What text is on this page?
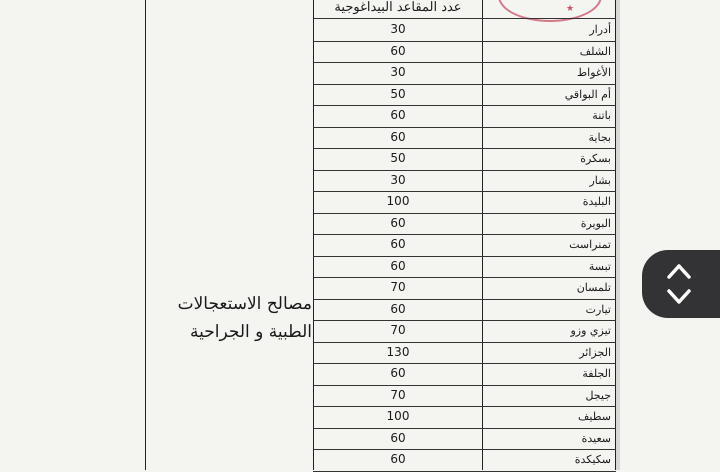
★
عدد المقاعد البيداغوجية
30	أدرار
60	الشلف
30	الأغواط
50	أم البواقي
60	باتنة
60	بجاية
50	بسكرة
30	بشار
100	البليدة
60	البويرة
60	تمنراست
60	تبسة
70	تلمسان
60	تيارت
70	تيزي وزو
130	الجزائر
60	الجلفة
70	جيجل
100	سطيف
60	سعيدة
60	سكيكدة
مصالح الاستعجالات الطبية و الجراحية
